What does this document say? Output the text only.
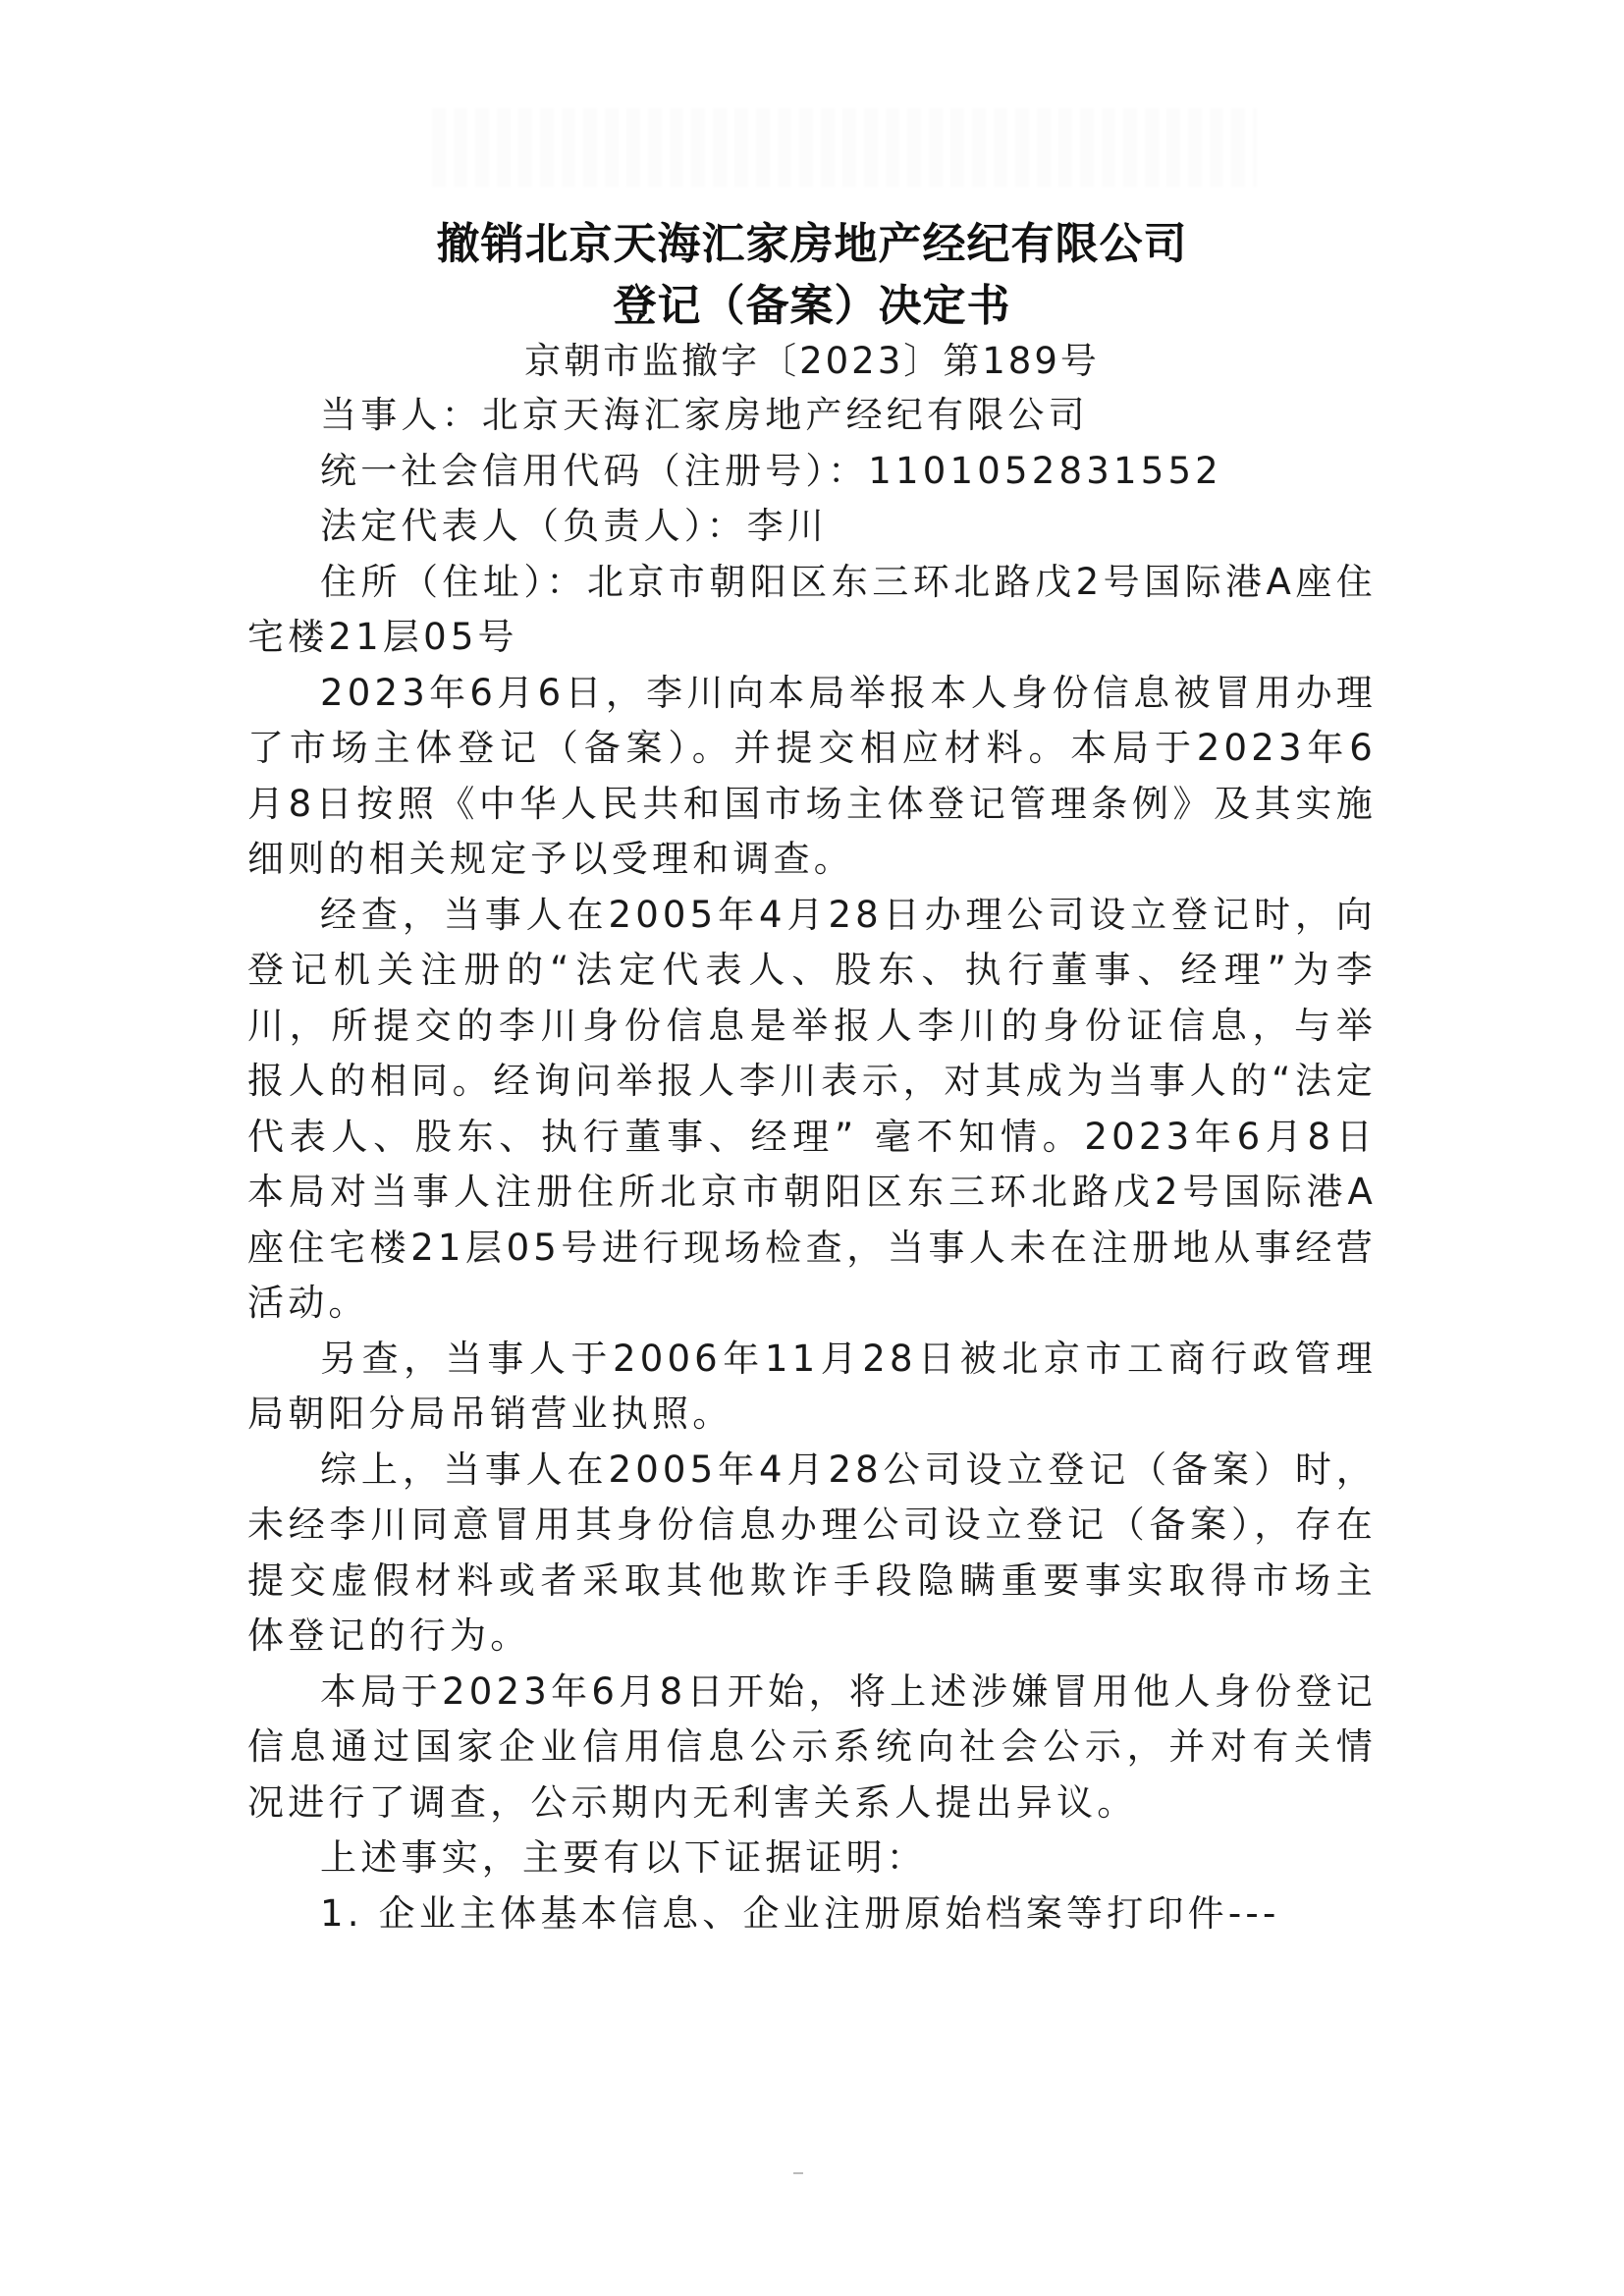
撤销北京天海汇家房地产经纪有限公司
登记（备案）决定书
京朝市监撤字〔2023〕第189号

当事人：北京天海汇家房地产经纪有限公司

统一社会信用代码（注册号）：1101052831552

法定代表人（负责人）：李川

住所（住址）：北京市朝阳区东三环北路戊2号国际港A座住宅楼21层05号

2023年6月6日，李川向本局举报本人身份信息被冒用办理了市场主体登记（备案）。并提交相应材料。本局于2023年6月8日按照《中华人民共和国市场主体登记管理条例》及其实施细则的相关规定予以受理和调查。

经查，当事人在2005年4月28日办理公司设立登记时，向登记机关注册的“法定代表人、股东、执行董事、经理”为李川，所提交的李川身份信息是举报人李川的身份证信息，与举报人的相同。经询问举报人李川表示，对其成为当事人的“法定代表人、股东、执行董事、经理” 毫不知情。2023年6月8日本局对当事人注册住所北京市朝阳区东三环北路戊2号国际港A座住宅楼21层05号进行现场检查，当事人未在注册地从事经营活动。

另查，当事人于2006年11月28日被北京市工商行政管理局朝阳分局吊销营业执照。

综上，当事人在2005年4月28公司设立登记（备案）时，未经李川同意冒用其身份信息办理公司设立登记（备案），存在提交虚假材料或者采取其他欺诈手段隐瞒重要事实取得市场主体登记的行为。

本局于2023年6月8日开始，将上述涉嫌冒用他人身份登记信息通过国家企业信用信息公示系统向社会公示，并对有关情况进行了调查，公示期内无利害关系人提出异议。

上述事实，主要有以下证据证明：

1. 企业主体基本信息、企业注册原始档案等打印件---
